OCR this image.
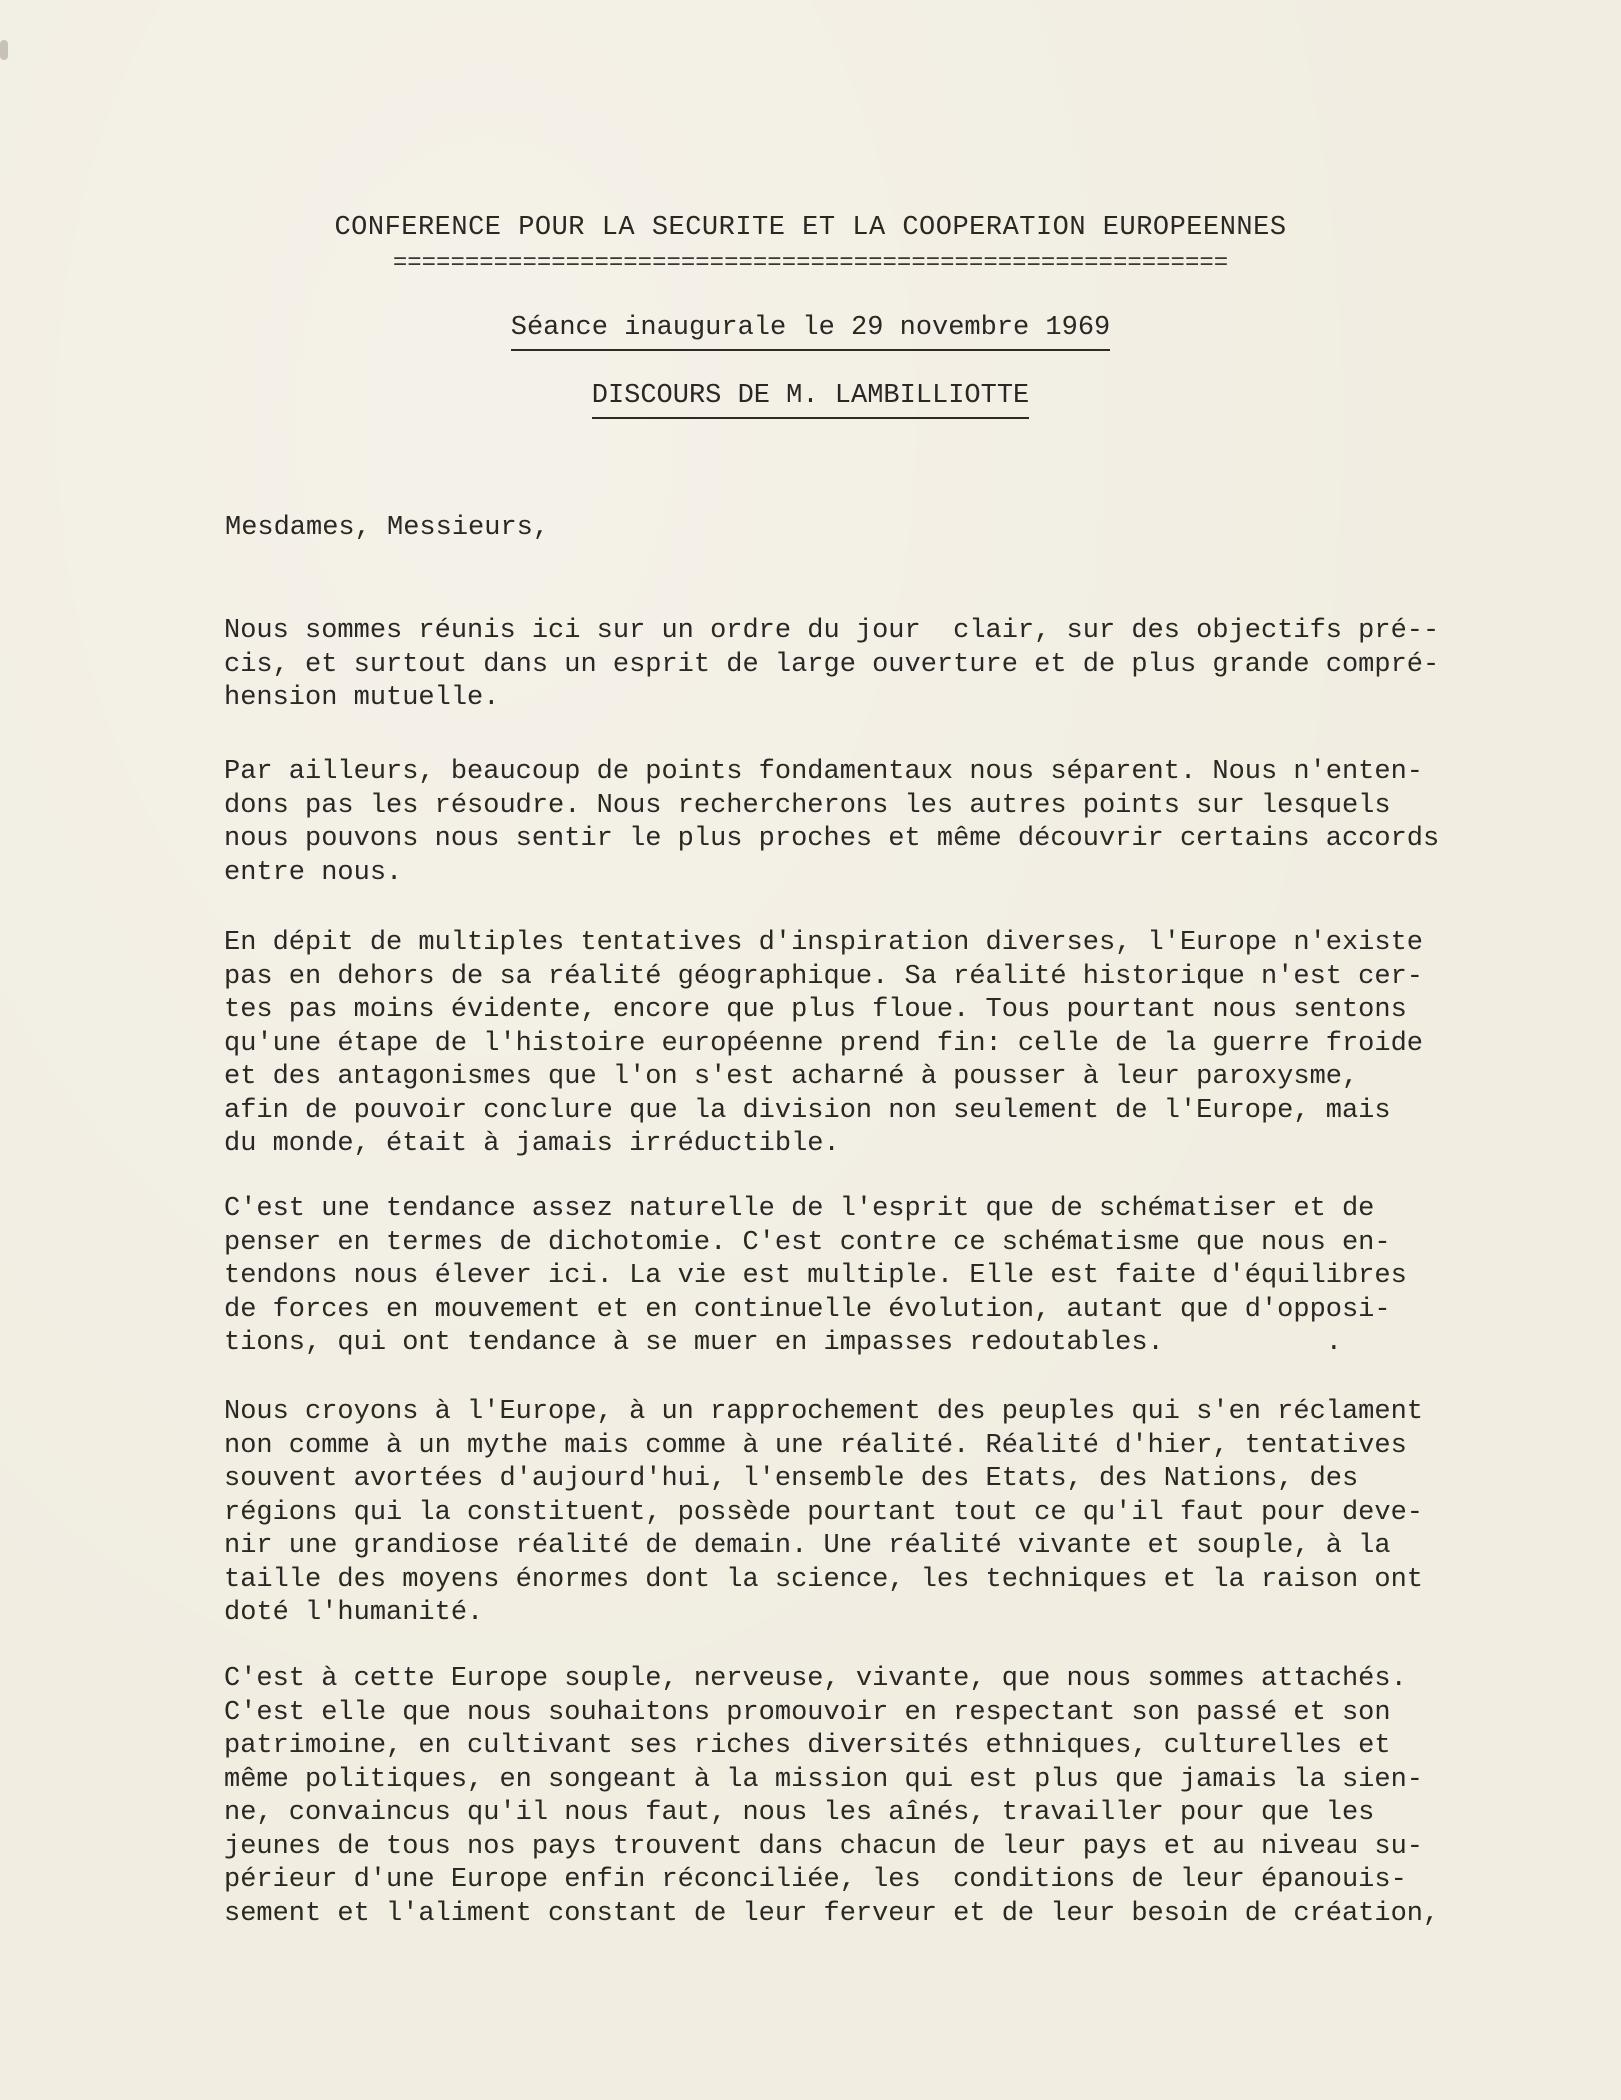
CONFERENCE POUR LA SECURITE ET LA COOPERATION EUROPEENNES
==========================================================
Séance inaugurale le 29 novembre 1969
DISCOURS DE M. LAMBILLIOTTE
Mesdames, Messieurs,
Nous sommes réunis ici sur un ordre du jour  clair, sur des objectifs pré--
cis, et surtout dans un esprit de large ouverture et de plus grande compré-
hension mutuelle.
Par ailleurs, beaucoup de points fondamentaux nous séparent. Nous n'enten-
dons pas les résoudre. Nous rechercherons les autres points sur lesquels
nous pouvons nous sentir le plus proches et même découvrir certains accords
entre nous.
En dépit de multiples tentatives d'inspiration diverses, l'Europe n'existe
pas en dehors de sa réalité géographique. Sa réalité historique n'est cer-
tes pas moins évidente, encore que plus floue. Tous pourtant nous sentons
qu'une étape de l'histoire européenne prend fin: celle de la guerre froide
et des antagonismes que l'on s'est acharné à pousser à leur paroxysme,
afin de pouvoir conclure que la division non seulement de l'Europe, mais
du monde, était à jamais irréductible.
C'est une tendance assez naturelle de l'esprit que de schématiser et de
penser en termes de dichotomie. C'est contre ce schématisme que nous en-
tendons nous élever ici. La vie est multiple. Elle est faite d'équilibres
de forces en mouvement et en continuelle évolution, autant que d'opposi-
tions, qui ont tendance à se muer en impasses redoutables.          .
Nous croyons à l'Europe, à un rapprochement des peuples qui s'en réclament
non comme à un mythe mais comme à une réalité. Réalité d'hier, tentatives
souvent avortées d'aujourd'hui, l'ensemble des Etats, des Nations, des
régions qui la constituent, possède pourtant tout ce qu'il faut pour deve-
nir une grandiose réalité de demain. Une réalité vivante et souple, à la
taille des moyens énormes dont la science, les techniques et la raison ont
doté l'humanité.
C'est à cette Europe souple, nerveuse, vivante, que nous sommes attachés.
C'est elle que nous souhaitons promouvoir en respectant son passé et son
patrimoine, en cultivant ses riches diversités ethniques, culturelles et
même politiques, en songeant à la mission qui est plus que jamais la sien-
ne, convaincus qu'il nous faut, nous les aînés, travailler pour que les
jeunes de tous nos pays trouvent dans chacun de leur pays et au niveau su-
périeur d'une Europe enfin réconciliée, les  conditions de leur épanouis-
sement et l'aliment constant de leur ferveur et de leur besoin de création,
